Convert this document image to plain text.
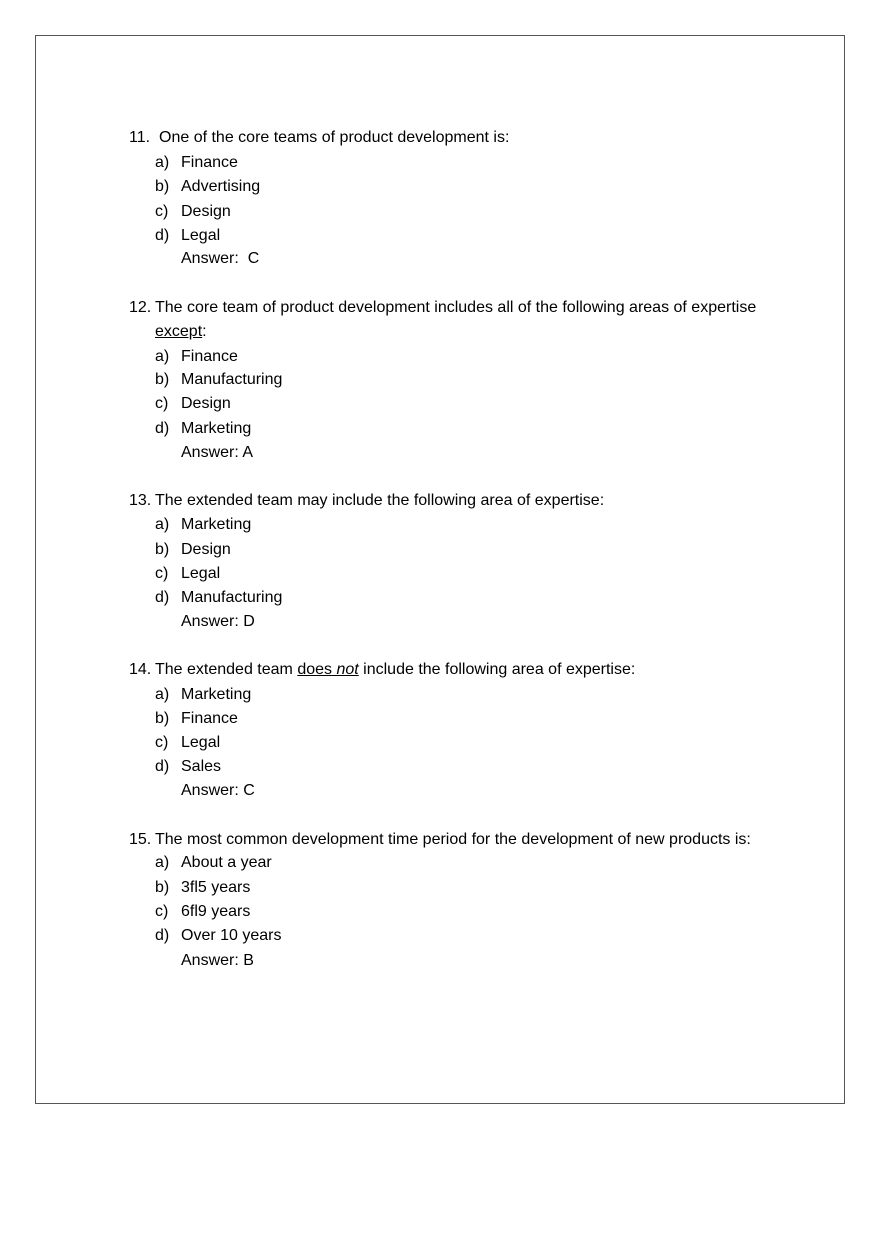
11. One of the core teams of product development is:
a) Finance
b) Advertising
c) Design
d) Legal
Answer:  C
12. The core team of product development includes all of the following areas of expertise
except:
a) Finance
b) Manufacturing
c) Design
d) Marketing
Answer: A
13. The extended team may include the following area of expertise:
a) Marketing
b) Design
c) Legal
d) Manufacturing
Answer: D
14. The extended team does not include the following area of expertise:
a) Marketing
b) Finance
c) Legal
d) Sales
Answer: C
15. The most common development time period for the development of new products is:
a) About a year
b) 3fl5 years
c) 6fl9 years
d) Over 10 years
Answer: B
